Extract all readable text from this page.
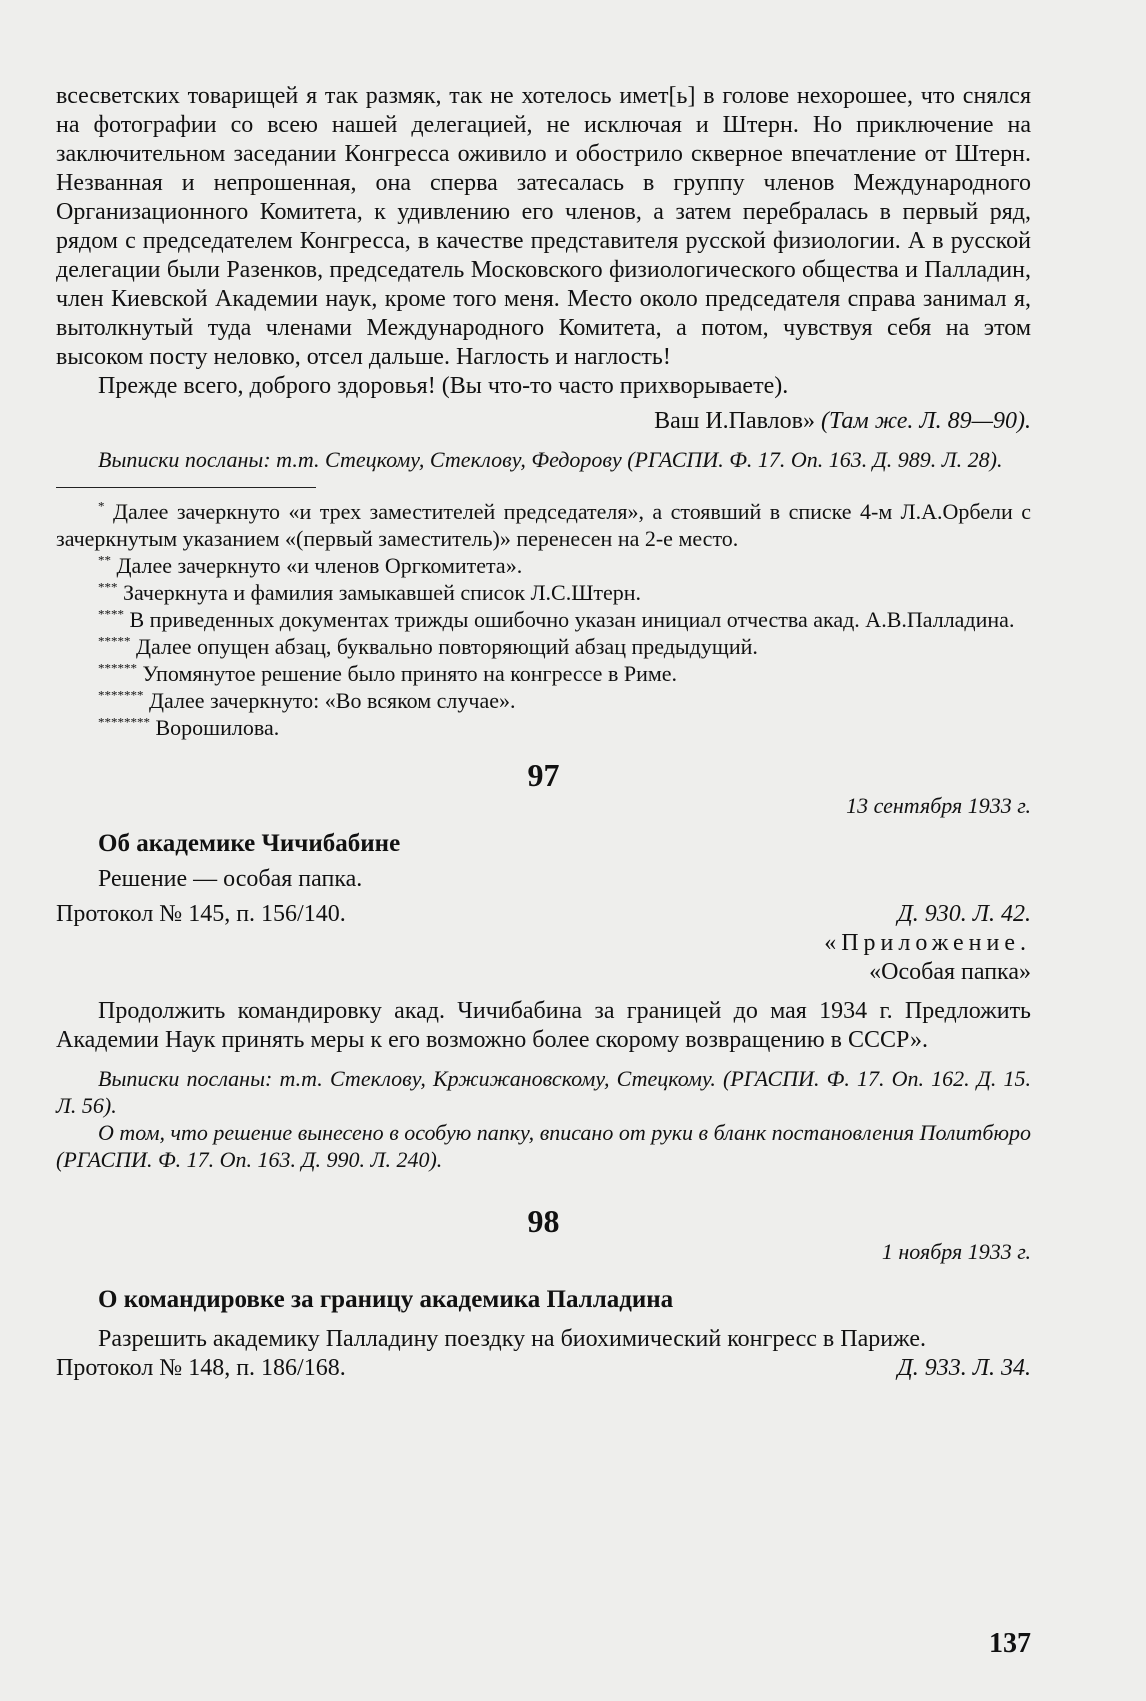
всесветских товарищей я так размяк, так не хотелось имет[ь] в голове нехорошее, что снялся на фотографии со всею нашей делегацией, не исключая и Штерн. Но приключение на заключительном заседании Конгресса оживило и обострило скверное впечатление от Штерн. Незванная и непрошенная, она сперва затесалась в группу членов Международного Организационного Комитета, к удивлению его членов, а затем перебралась в первый ряд, рядом с председателем Конгресса, в качестве представителя русской физиологии. А в русской делегации были Разенков, председатель Московского физиологического общества и Палладин, член Киевской Академии наук, кроме того меня. Место около председателя справа занимал я, вытолкнутый туда членами Международного Комитета, а потом, чувствуя себя на этом высоком посту неловко, отсел дальше. Наглость и наглость!

Прежде всего, доброго здоровья! (Вы что-то часто прихворываете).

Ваш И.Павлов» (Там же. Л. 89—90).

Выписки посланы: т.т. Стецкому, Стеклову, Федорову (РГАСПИ. Ф. 17. Оп. 163. Д. 989. Л. 28).

* Далее зачеркнуто «и трех заместителей председателя», а стоявший в списке 4-м Л.А.Орбели с зачеркнутым указанием «(первый заместитель)» перенесен на 2-е место.

** Далее зачеркнуто «и членов Оргкомитета».

*** Зачеркнута и фамилия замыкавшей список Л.С.Штерн.

**** В приведенных документах трижды ошибочно указан инициал отчества акад. А.В.Палладина.

***** Далее опущен абзац, буквально повторяющий абзац предыдущий.

****** Упомянутое решение было принято на конгрессе в Риме.

******* Далее зачеркнуто: «Во всяком случае».

******** Ворошилова.

97

13 сентября 1933 г.

Об академике Чичибабине

Решение — особая папка.

Протокол № 145, п. 156/140.	Д. 930. Л. 42.

«Приложение.

«Особая папка»

Продолжить командировку акад. Чичибабина за границей до мая 1934 г. Предложить Академии Наук принять меры к его возможно более скорому возвращению в СССР».

Выписки посланы: т.т. Стеклову, Кржижановскому, Стецкому. (РГАСПИ. Ф. 17. Оп. 162. Д. 15. Л. 56).

О том, что решение вынесено в особую папку, вписано от руки в бланк постановления Политбюро (РГАСПИ. Ф. 17. Оп. 163. Д. 990. Л. 240).

98

1 ноября 1933 г.

О командировке за границу академика Палладина

Разрешить академику Палладину поездку на биохимический конгресс в Париже.

Протокол № 148, п. 186/168.	Д. 933. Л. 34.
137
